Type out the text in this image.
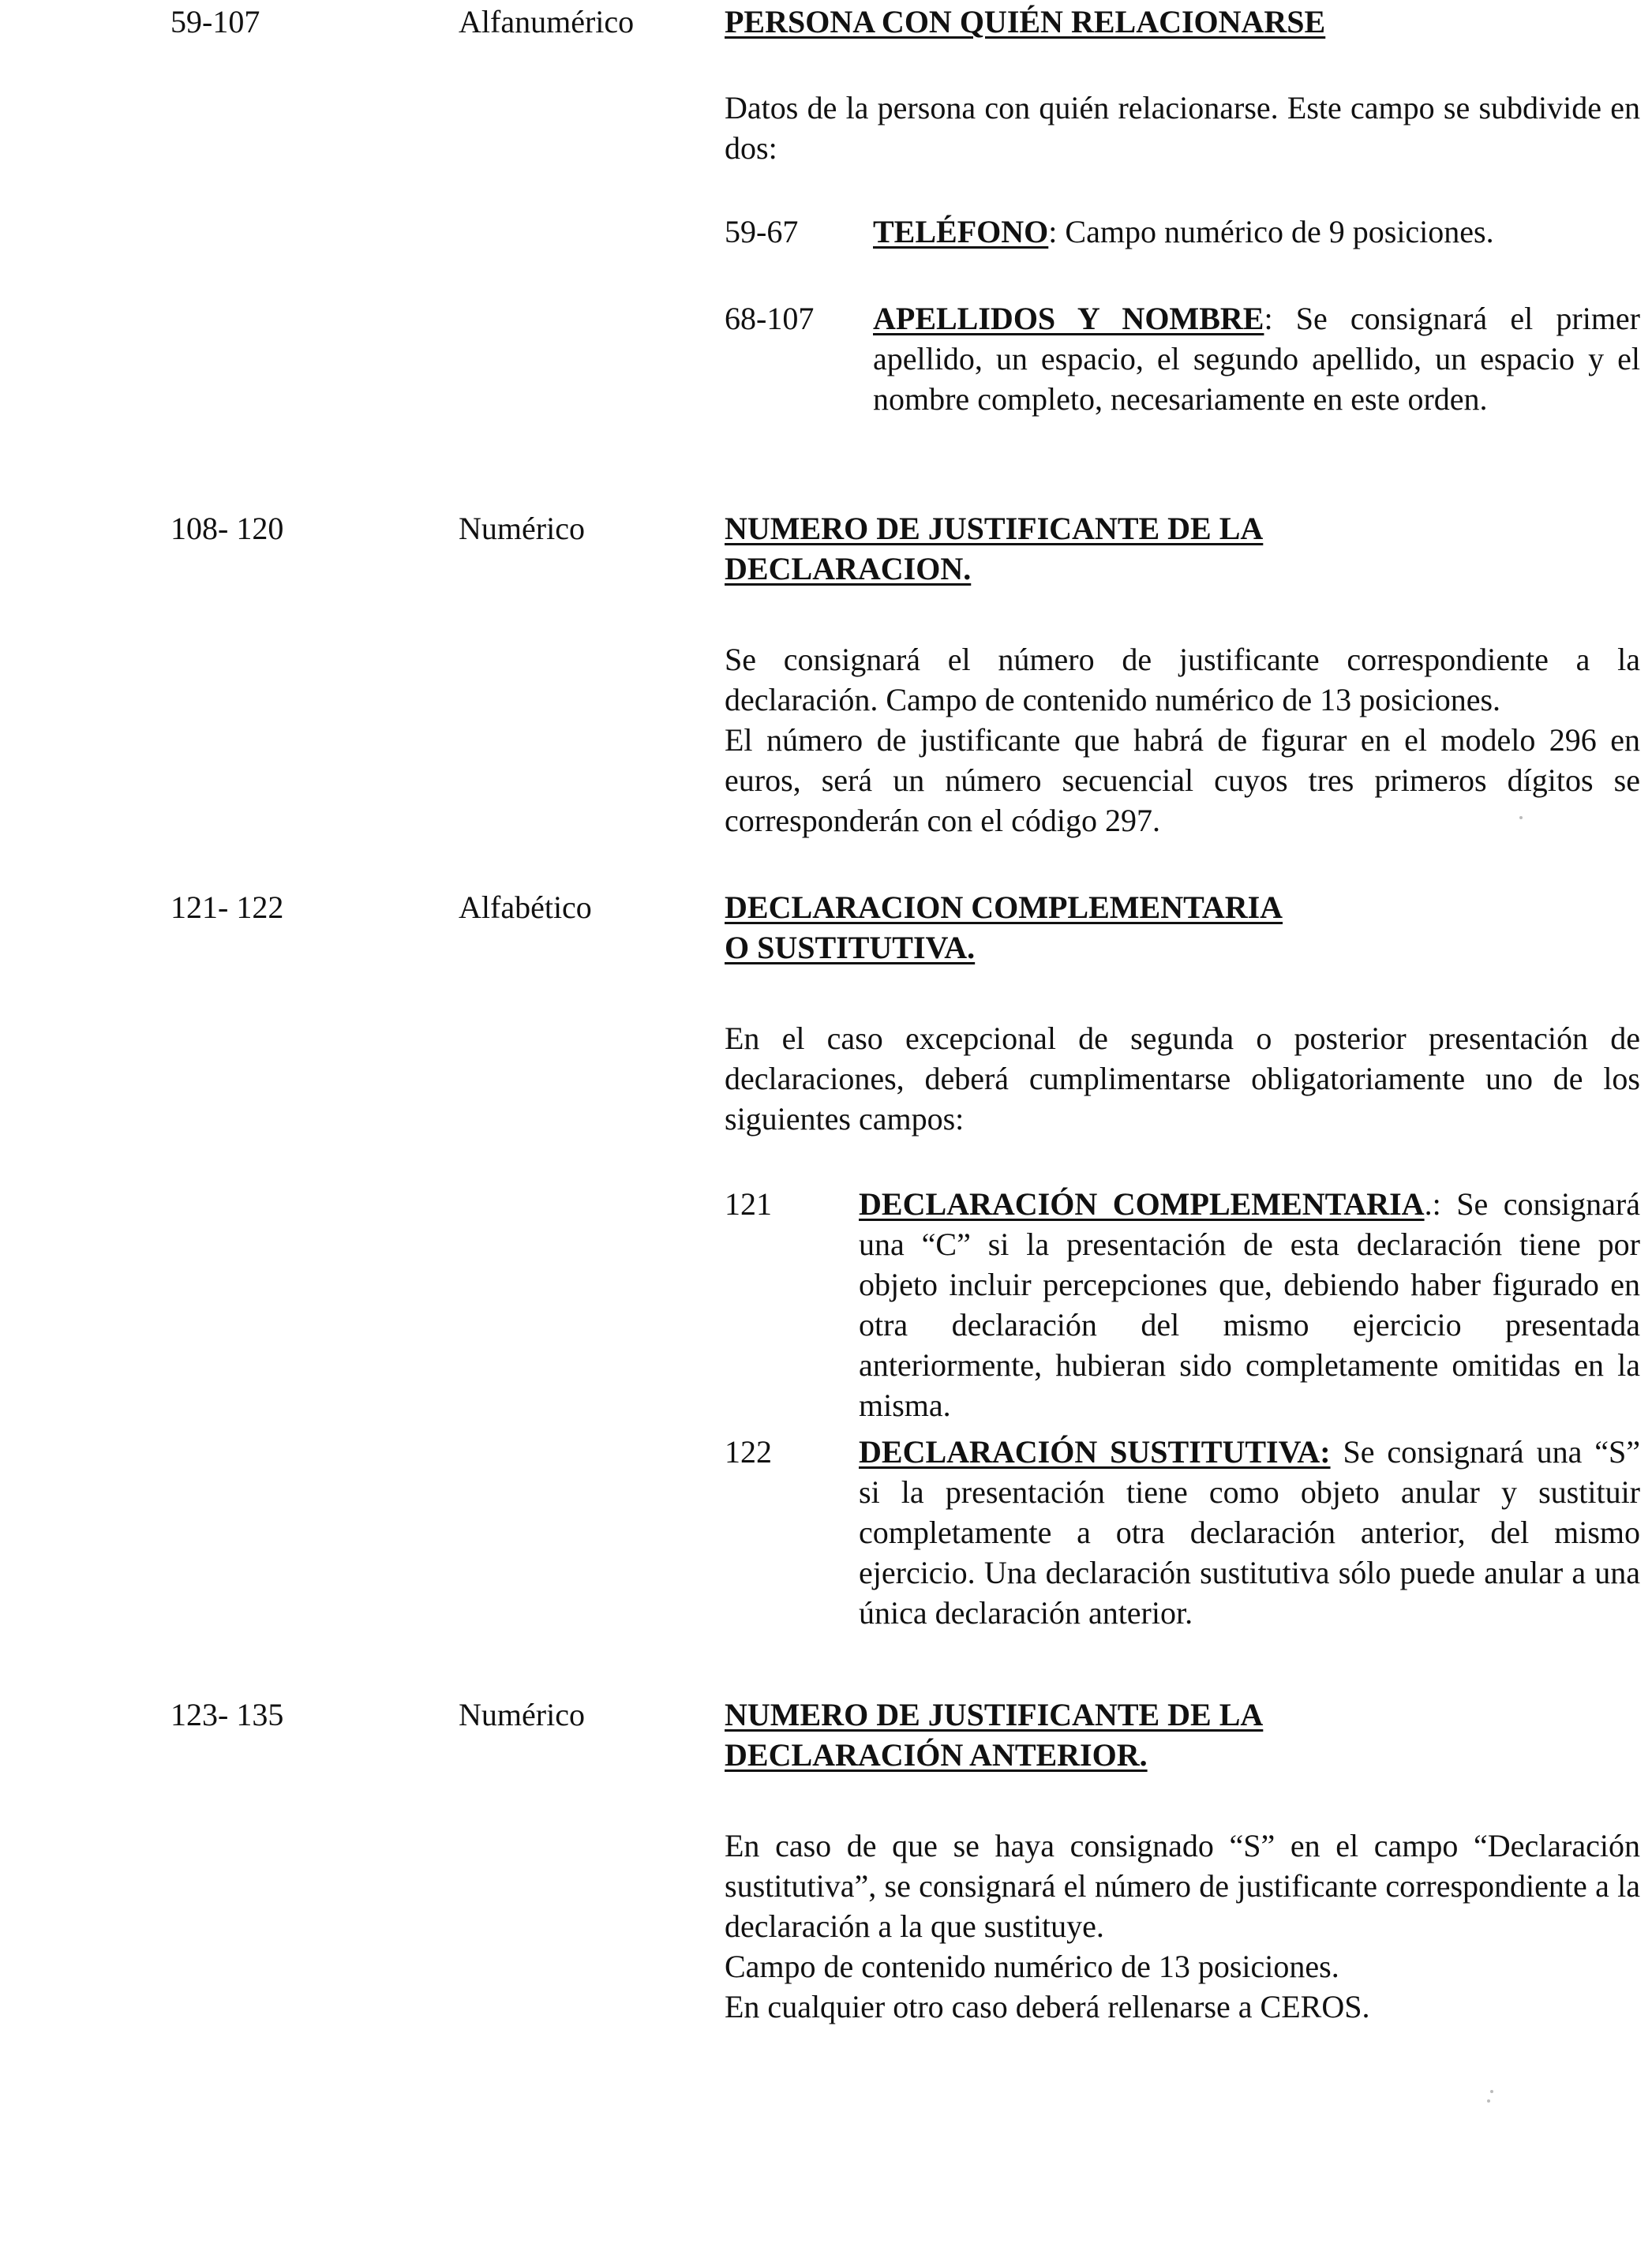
59-107	Alfanumérico	PERSONA CON QUIÉN RELACIONARSE
Datos de la persona con quién relacionarse. Este campo se subdivide en dos:
59-67 TELÉFONO: Campo numérico de 9 posiciones.
68-107 APELLIDOS Y NOMBRE: Se consignará el primer apellido, un espacio, el segundo apellido, un espacio y el nombre completo, necesariamente en este orden.
108- 120	Numérico	NUMERO DE JUSTIFICANTE DE LA
DECLARACION.
Se consignará el número de justificante correspondiente a la declaración. Campo de contenido numérico de 13 posiciones.
El número de justificante que habrá de figurar en el modelo 296 en euros, será un número secuencial cuyos tres primeros dígitos se corresponderán con el código 297.
121- 122	Alfabético	DECLARACION COMPLEMENTARIA
O SUSTITUTIVA.
En el caso excepcional de segunda o posterior presentación de declaraciones, deberá cumplimentarse obligatoriamente uno de los siguientes campos:
121	DECLARACIÓN COMPLEMENTARIA.: Se consignará una “C” si la presentación de esta declaración tiene por objeto incluir percepciones que, debiendo haber figurado en otra declaración del mismo ejercicio presentada anteriormente, hubieran sido completamente omitidas en la misma.
122	DECLARACIÓN SUSTITUTIVA: Se consignará una “S” si la presentación tiene como objeto anular y sustituir completamente a otra declaración anterior, del mismo ejercicio. Una declaración sustitutiva sólo puede anular a una única declaración anterior.
123- 135	Numérico	NUMERO DE JUSTIFICANTE DE LA
DECLARACIÓN ANTERIOR.
En caso de que se haya consignado “S” en el campo “Declaración sustitutiva”, se consignará el número de justificante correspondiente a la declaración a la que sustituye.
Campo de contenido numérico de 13 posiciones.
En cualquier otro caso deberá rellenarse a CEROS.
